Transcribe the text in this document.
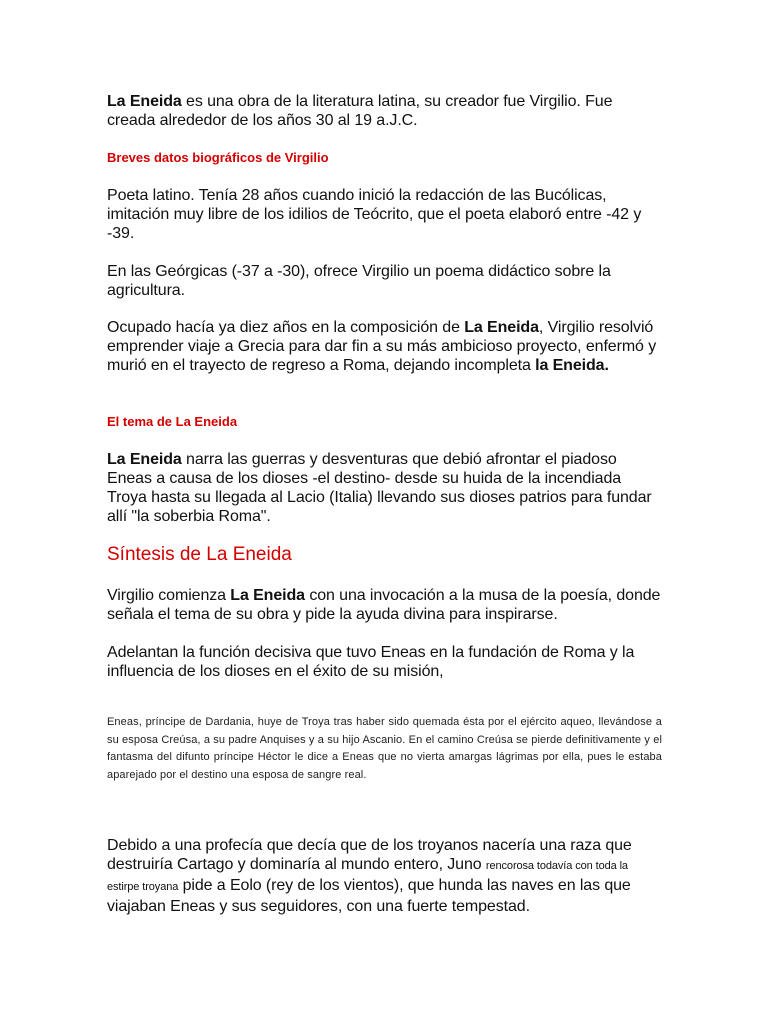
La Eneida es una obra de la literatura latina, su creador fue Virgilio. Fue creada alrededor de los años 30 al 19 a.J.C.

Breves datos biográficos de Virgilio

Poeta latino. Tenía 28 años cuando inició la redacción de las Bucólicas, imitación muy libre de los idilios de Teócrito, que el poeta elaboró entre -42 y -39.

En las Geórgicas (-37 a -30), ofrece Virgilio un poema didáctico sobre la agricultura.

Ocupado hacía ya diez años en la composición de La Eneida, Virgilio resolvió emprender viaje a Grecia para dar fin a su más ambicioso proyecto, enfermó y murió en el trayecto de regreso a Roma, dejando incompleta la Eneida.

El tema de La Eneida

La Eneida narra las guerras y desventuras que debió afrontar el piadoso Eneas a causa de los dioses -el destino- desde su huida de la incendiada Troya hasta su llegada al Lacio (Italia) llevando sus dioses patrios para fundar allí "la soberbia Roma".

Síntesis de La Eneida

Virgilio comienza La Eneida con una invocación a la musa de la poesía, donde señala el tema de su obra y pide la ayuda divina para inspirarse.

Adelantan la función decisiva que tuvo Eneas en la fundación de Roma y la influencia de los dioses en el éxito de su misión,

Eneas, príncipe de Dardania, huye de Troya tras haber sido quemada ésta por el ejército aqueo, llevándose a su esposa Creúsa, a su padre Anquises y a su hijo Ascanio. En el camino Creúsa se pierde definitivamente y el fantasma del difunto príncipe Héctor le dice a Eneas que no vierta amargas lágrimas por ella, pues le estaba aparejado por el destino una esposa de sangre real.

Debido a una profecía que decía que de los troyanos nacería una raza que destruiría Cartago y dominaría al mundo entero, Juno rencorosa todavía con toda la estirpe troyana pide a Eolo (rey de los vientos), que hunda las naves en las que viajaban Eneas y sus seguidores, con una fuerte tempestad.
